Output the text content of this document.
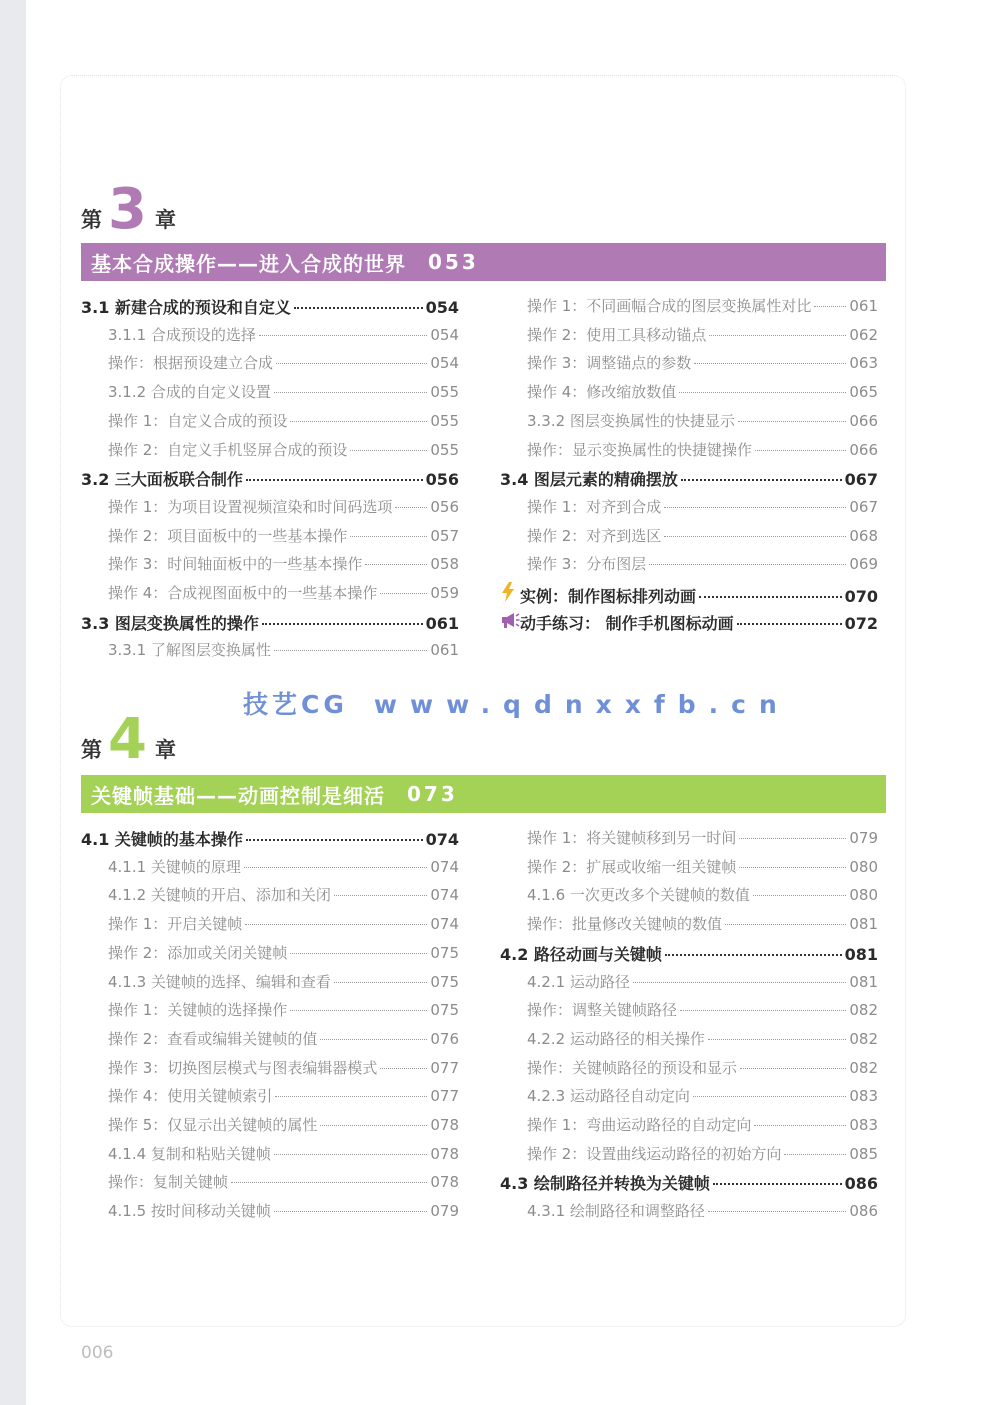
第 3 章
基本合成操作——进入合成的世界 053
3.1 新建合成的预设和自定义	054
3.1.1 合成预设的选择	054
操作：根据预设建立合成	054
3.1.2 合成的自定义设置	055
操作 1：自定义合成的预设	055
操作 2：自定义手机竖屏合成的预设	055
3.2 三大面板联合制作	056
操作 1：为项目设置视频渲染和时间码选项	056
操作 2：项目面板中的一些基本操作	057
操作 3：时间轴面板中的一些基本操作	058
操作 4：合成视图面板中的一些基本操作	059
3.3 图层变换属性的操作	061
3.3.1 了解图层变换属性	061
操作 1：不同画幅合成的图层变换属性对比	061
操作 2：使用工具移动锚点	062
操作 3：调整锚点的参数	063
操作 4：修改缩放数值	065
3.3.2 图层变换属性的快捷显示	066
操作：显示变换属性的快捷键操作	066
3.4 图层元素的精确摆放	067
操作 1：对齐到合成	067
操作 2：对齐到选区	068
操作 3：分布图层	069
实例：制作图标排列动画	070
动手练习： 制作手机图标动画	072
技艺CG www.qdnxxfb.cn
第 4 章
关键帧基础——动画控制是细活 073
4.1 关键帧的基本操作	074
4.1.1 关键帧的原理	074
4.1.2 关键帧的开启、添加和关闭	074
操作 1：开启关键帧	074
操作 2：添加或关闭关键帧	075
4.1.3 关键帧的选择、编辑和查看	075
操作 1：关键帧的选择操作	075
操作 2：查看或编辑关键帧的值	076
操作 3：切换图层模式与图表编辑器模式	077
操作 4：使用关键帧索引	077
操作 5：仅显示出关键帧的属性	078
4.1.4 复制和粘贴关键帧	078
操作：复制关键帧	078
4.1.5 按时间移动关键帧	079
操作 1：将关键帧移到另一时间	079
操作 2：扩展或收缩一组关键帧	080
4.1.6 一次更改多个关键帧的数值	080
操作：批量修改关键帧的数值	081
4.2 路径动画与关键帧	081
4.2.1 运动路径	081
操作：调整关键帧路径	082
4.2.2 运动路径的相关操作	082
操作：关键帧路径的预设和显示	082
4.2.3 运动路径自动定向	083
操作 1：弯曲运动路径的自动定向	083
操作 2：设置曲线运动路径的初始方向	085
4.3 绘制路径并转换为关键帧	086
4.3.1 绘制路径和调整路径	086
006
